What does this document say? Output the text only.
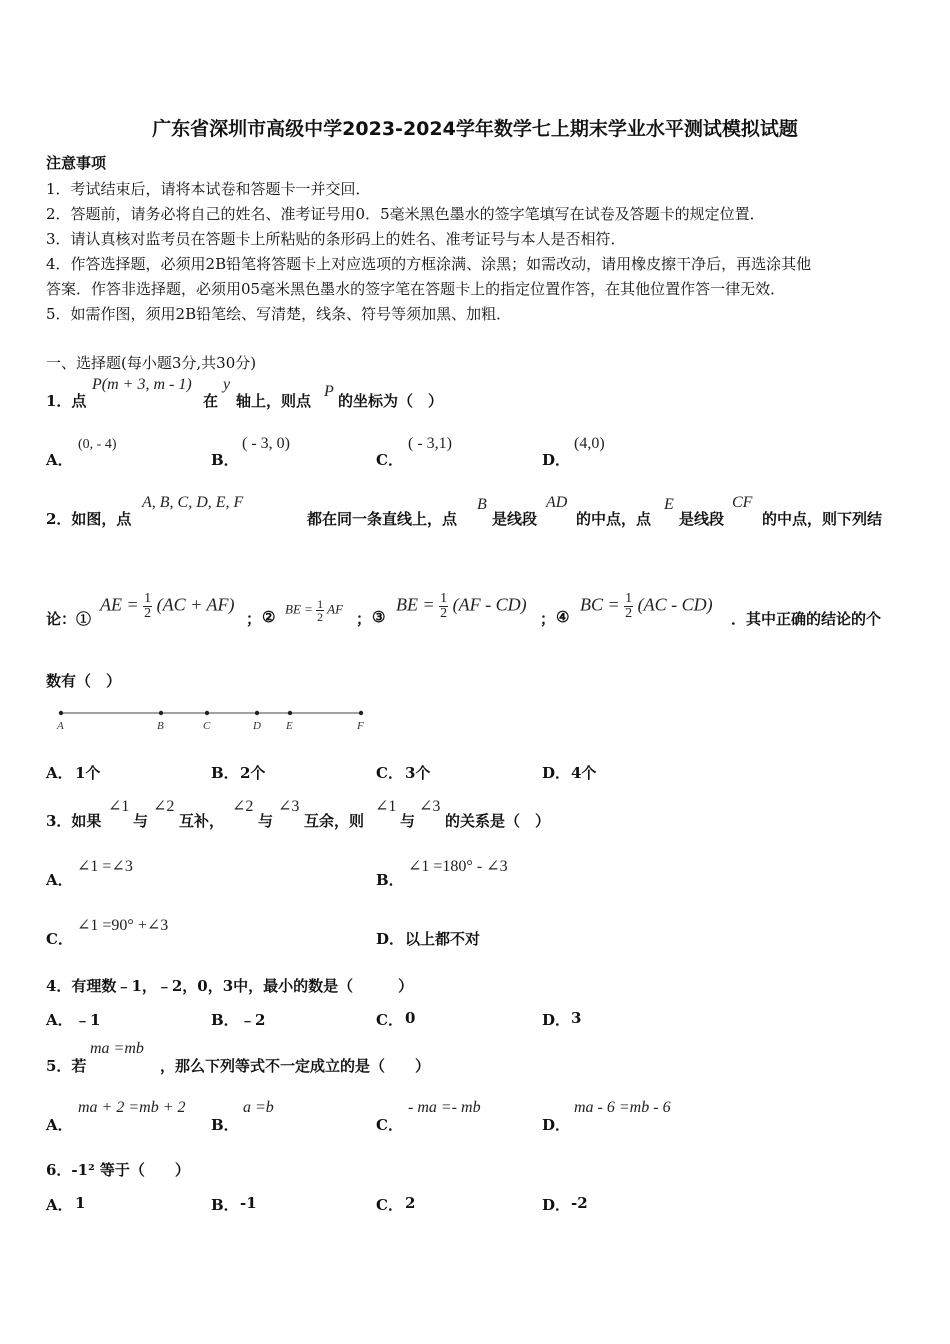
广东省深圳市高级中学2023-2024学年数学七上期末学业水平测试模拟试题
注意事项
1．考试结束后，请将本试卷和答题卡一并交回．
2．答题前，请务必将自己的姓名、准考证号用0．5毫米黑色墨水的签字笔填写在试卷及答题卡的规定位置．
3．请认真核对监考员在答题卡上所粘贴的条形码上的姓名、准考证号与本人是否相符．
4．作答选择题，必须用2B铅笔将答题卡上对应选项的方框涂满、涂黑；如需改动，请用橡皮擦干净后，再选涂其他
答案．作答非选择题，必须用05毫米黑色墨水的签字笔在答题卡上的指定位置作答，在其他位置作答一律无效．
5．如需作图，须用2B铅笔绘、写清楚，线条、符号等须加黑、加粗．
一、选择题(每小题3分,共30分)
1．点
P(m + 3, m - 1)
在
y
轴上，则点
P
的坐标为（　）
A．
(0, - 4)
B．
( - 3, 0)
C．
( - 3,1)
D．
(4,0)
2．如图，点
A, B, C, D, E, F
都在同一条直线上，点
B
是线段
AD
的中点，点
E
是线段
CF
的中点，则下列结
论：①
AE = $\frac{1}{2} (AC + AF)$
； ② BE = $\frac{1}{2}$ AF
； ③
BE = $\frac{1}{2} (AF - CD)$
； ④
BC = $\frac{1}{2} (AC - CD)$
．其中正确的结论的个
数有（　）
A	B	C	D E	F
A． 1个	B． 2个	C． 3个	D． 4个
3．如果
∠1
与
∠2
互补，
∠2
与
∠3
互余，则
∠1
与
∠3
的关系是（　）
A．
∠1 =∠3
B．
∠1 =180° - ∠3
C．
∠1 =90° +∠3
D． 以上都不对
4．有理数﹣1，﹣2，0，3中，最小的数是（　　　）
A． ﹣1	B． ﹣2	C． 0	D． 3
5．若
ma =mb
，那么下列等式不一定成立的是（　　）
A．
ma + 2 =mb + 2
B．
a =b
C．
- ma =- mb
D．
ma - 6 =mb - 6
6．-1² 等于（　　）
A． 1	B． -1	C． 2	D． -2
